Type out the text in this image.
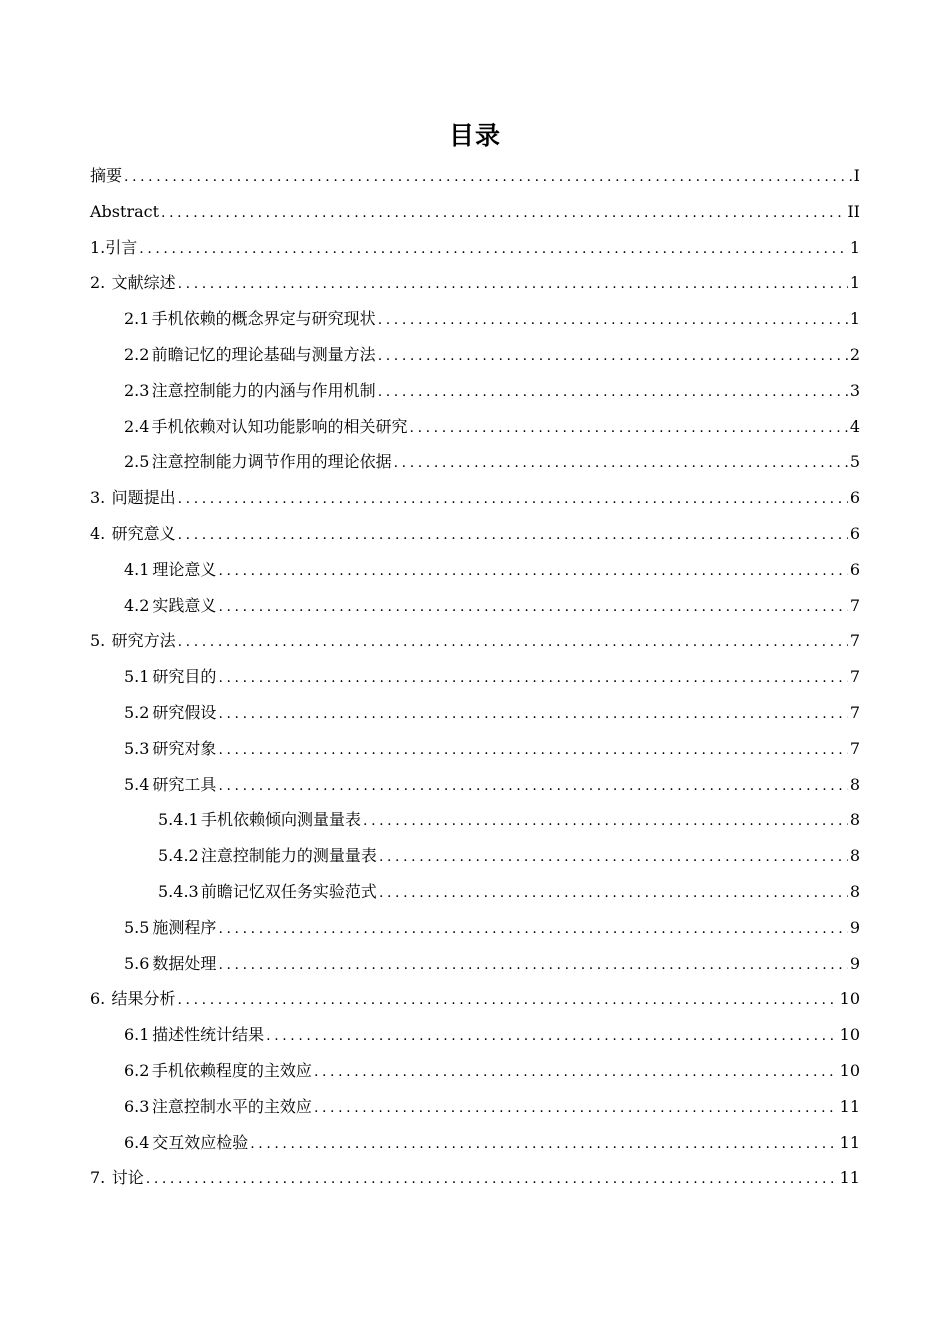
目录
摘要 .....	I
Abstract .....	II
1. 引言 .....	1
2. 文献综述 .....	1
2.1 手机依赖的概念界定与研究现状 .....	1
2.2 前瞻记忆的理论基础与测量方法 .....	2
2.3 注意控制能力的内涵与作用机制 .....	3
2.4 手机依赖对认知功能影响的相关研究 .....	4
2.5 注意控制能力调节作用的理论依据 .....	5
3. 问题提出 .....	6
4. 研究意义 .....	6
4.1 理论意义 .....	6
4.2 实践意义 .....	7
5. 研究方法 .....	7
5.1 研究目的 .....	7
5.2 研究假设 .....	7
5.3 研究对象 .....	7
5.4 研究工具 .....	8
5.4.1 手机依赖倾向测量量表 .....	8
5.4.2 注意控制能力的测量量表 .....	8
5.4.3 前瞻记忆双任务实验范式 .....	8
5.5 施测程序 .....	9
5.6 数据处理 .....	9
6. 结果分析 .....	10
6.1 描述性统计结果 .....	10
6.2 手机依赖程度的主效应 .....	10
6.3 注意控制水平的主效应 .....	11
6.4 交互效应检验 .....	11
7. 讨论 .....	11
